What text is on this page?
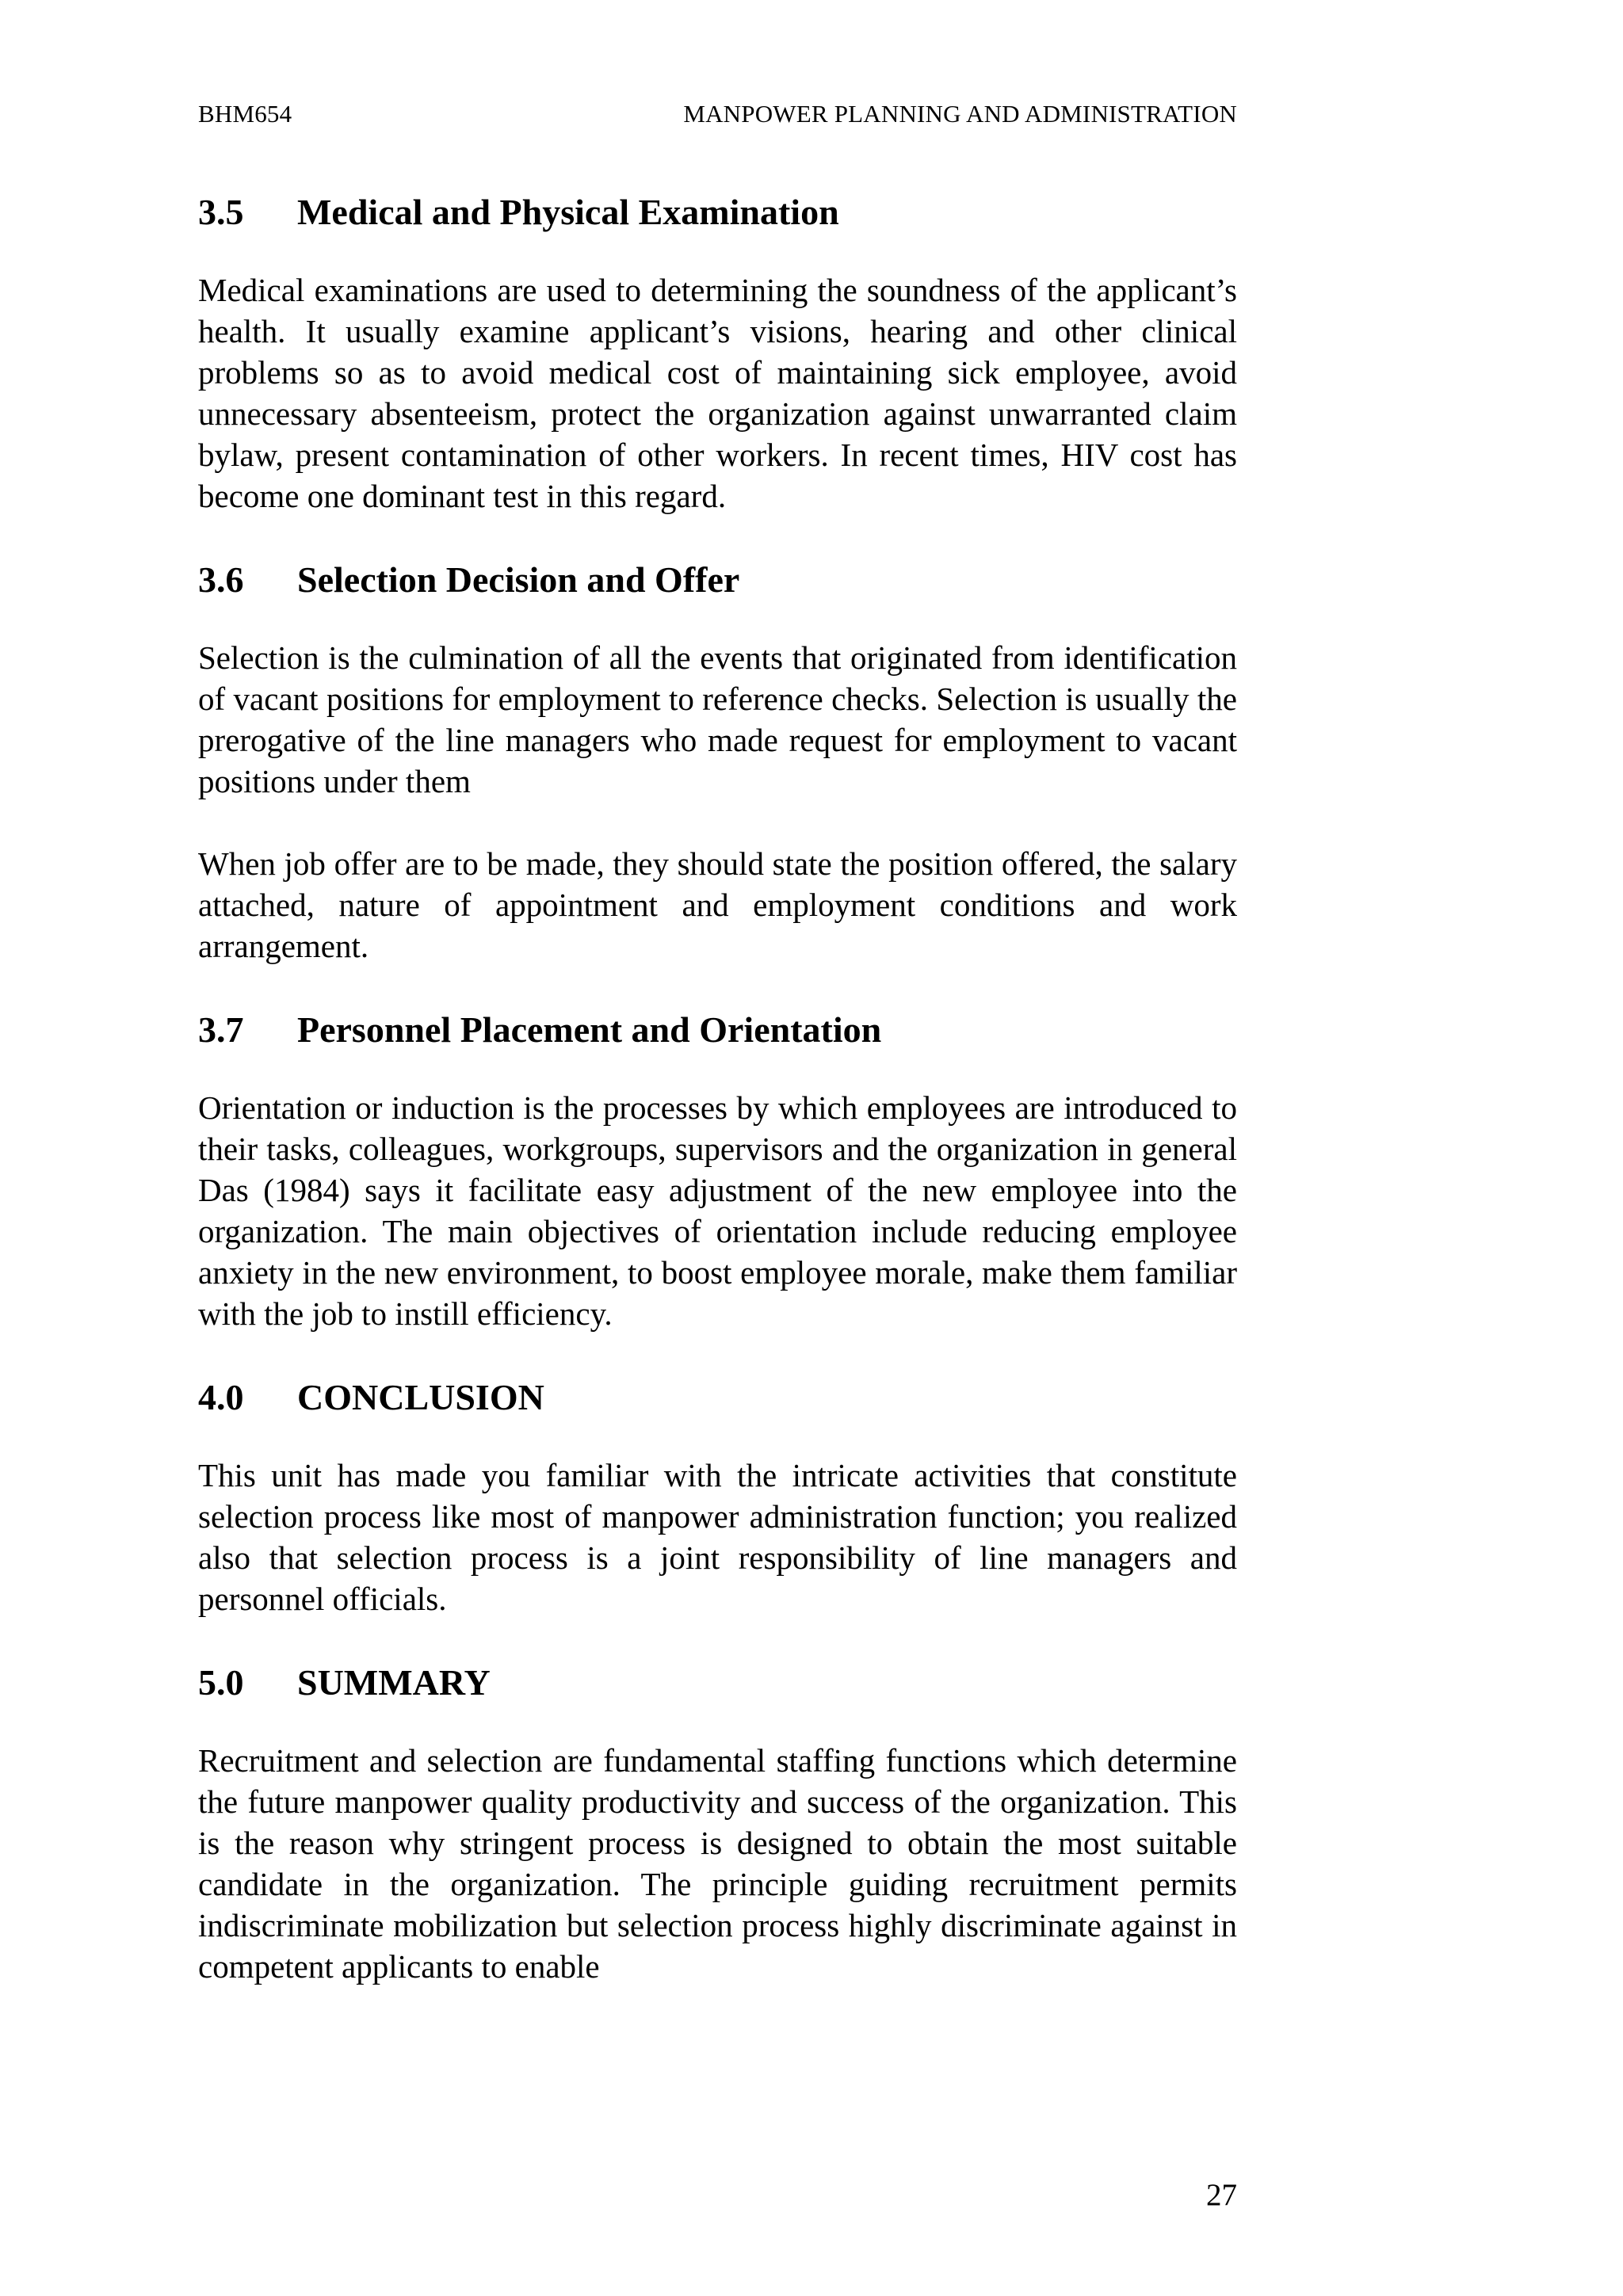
BHM654	MANPOWER PLANNING AND ADMINISTRATION
3.5 Medical and Physical Examination

Medical examinations are used to determining the soundness of the applicant’s health. It usually examine applicant’s visions, hearing and other clinical problems so as to avoid medical cost of maintaining sick employee, avoid unnecessary absenteeism, protect the organization against unwarranted claim bylaw, present contamination of other workers. In recent times, HIV cost has become one dominant test in this regard.

3.6 Selection Decision and Offer

Selection is the culmination of all the events that originated from identification of vacant positions for employment to reference checks. Selection is usually the prerogative of the line managers who made request for employment to vacant positions under them

When job offer are to be made, they should state the position offered, the salary attached, nature of appointment and employment conditions and work arrangement.

3.7 Personnel Placement and Orientation

Orientation or induction is the processes by which employees are introduced to their tasks, colleagues, workgroups, supervisors and the organization in general Das (1984) says it facilitate easy adjustment of the new employee into the organization. The main objectives of orientation include reducing employee anxiety in the new environment, to boost employee morale, make them familiar with the job to instill efficiency.

4.0 CONCLUSION

This unit has made you familiar with the intricate activities that constitute selection process like most of manpower administration function; you realized also that selection process is a joint responsibility of line managers and personnel officials.

5.0 SUMMARY

Recruitment and selection are fundamental staffing functions which determine the future manpower quality productivity and success of the organization. This is the reason why stringent process is designed to obtain the most suitable candidate in the organization. The principle guiding recruitment permits indiscriminate mobilization but selection process highly discriminate against in competent applicants to enable

27
